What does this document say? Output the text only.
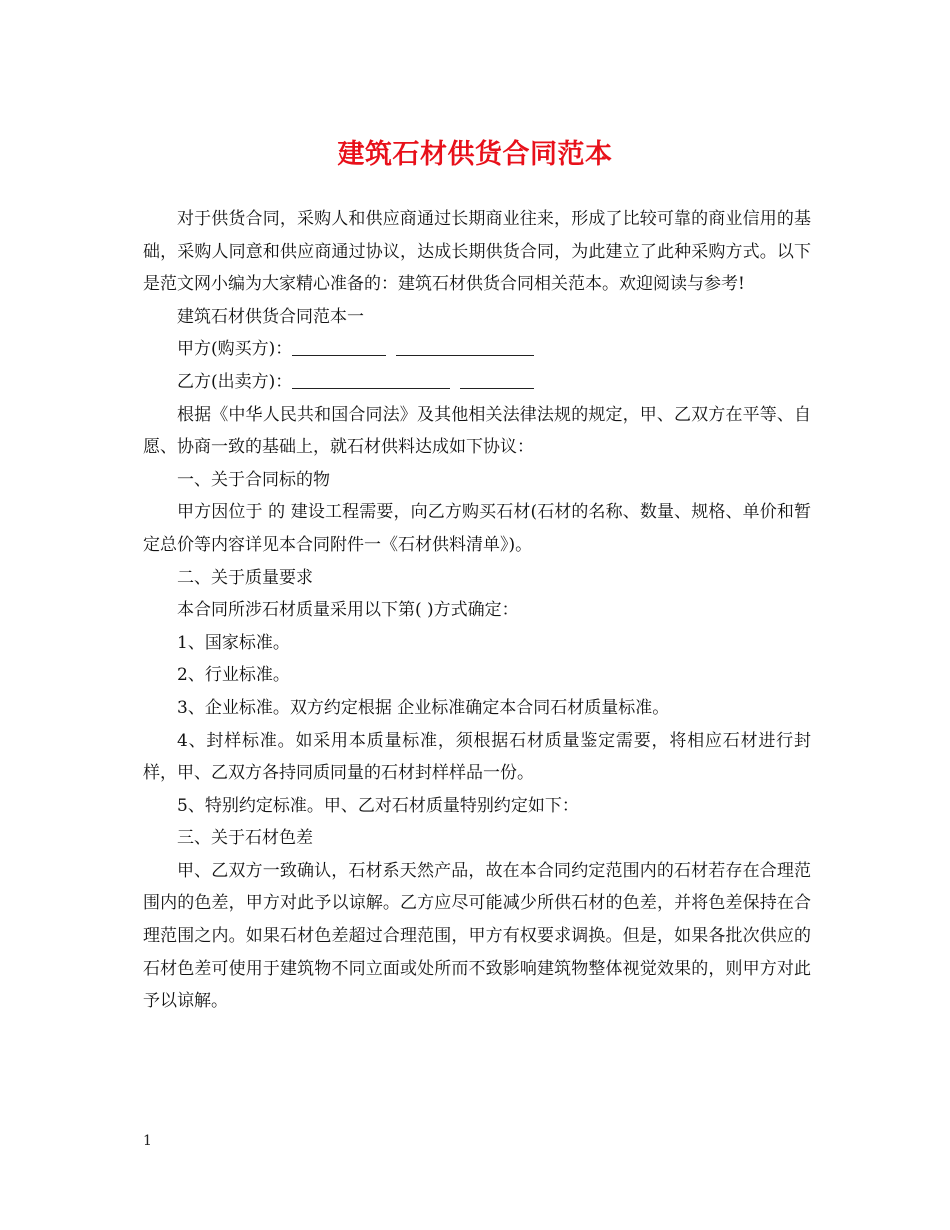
建筑石材供货合同范本

对于供货合同，采购人和供应商通过长期商业往来，形成了比较可靠的商业信用的基础，采购人同意和供应商通过协议，达成长期供货合同，为此建立了此种采购方式。以下是范文网小编为大家精心准备的：建筑石材供货合同相关范本。欢迎阅读与参考!

建筑石材供货合同范本一

甲方(购买方)：

乙方(出卖方)：

根据《中华人民共和国合同法》及其他相关法律法规的规定，甲、乙双方在平等、自愿、协商一致的基础上，就石材供料达成如下协议：

一、关于合同标的物

甲方因位于 的 建设工程需要，向乙方购买石材(石材的名称、数量、规格、单价和暂定总价等内容详见本合同附件一《石材供料清单》)。

二、关于质量要求

本合同所涉石材质量采用以下第( )方式确定：

1、国家标准。

2、行业标准。

3、企业标准。双方约定根据 企业标准确定本合同石材质量标准。

4、封样标准。如采用本质量标准，须根据石材质量鉴定需要，将相应石材进行封样，甲、乙双方各持同质同量的石材封样样品一份。

5、特别约定标准。甲、乙对石材质量特别约定如下：

三、关于石材色差

甲、乙双方一致确认，石材系天然产品，故在本合同约定范围内的石材若存在合理范围内的色差，甲方对此予以谅解。乙方应尽可能减少所供石材的色差，并将色差保持在合理范围之内。如果石材色差超过合理范围，甲方有权要求调换。但是，如果各批次供应的石材色差可使用于建筑物不同立面或处所而不致影响建筑物整体视觉效果的，则甲方对此予以谅解。

1
